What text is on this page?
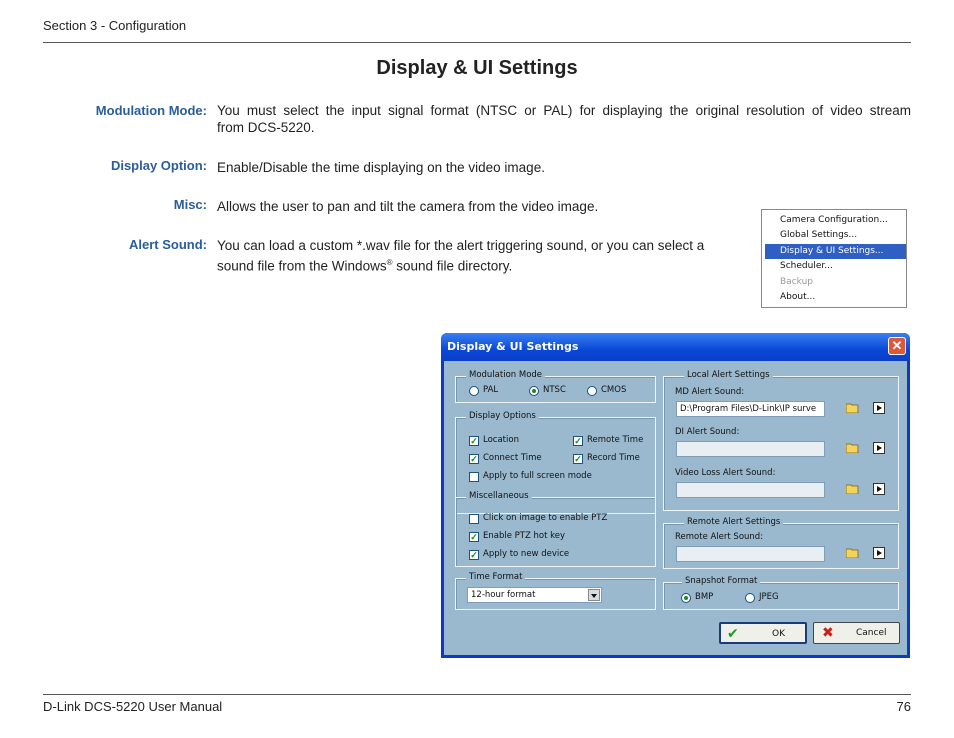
Section 3 - Configuration
Display & UI Settings
Modulation Mode: You must select the input signal format (NTSC or PAL) for displaying the original resolution of video stream
from DCS-5220.
Display Option: Enable/Disable the time displaying on the video image.
Misc: Allows the user to pan and tilt the camera from the video image.
Alert Sound: You can load a custom *.wav file for the alert triggering sound, or you can select a
sound file from the Windows® sound file directory.
Camera Configuration...
Global Settings...
Display & UI Settings...
Scheduler...
Backup
About...
Display & UI Settings	✕
Modulation Mode
PAL	NTSC	CMOS
Display Options
✓ Location	✓ Remote Time
✓ Connect Time	✓ Record Time
Apply to full screen mode
Miscellaneous
Click on image to enable PTZ
✓ Enable PTZ hot key
✓ Apply to new device
Time Format
12-hour format
Local Alert Settings
MD Alert Sound:
D:\Program Files\D-Link\IP surve
DI Alert Sound:
Video Loss Alert Sound:
Remote Alert Settings
Remote Alert Sound:
Snapshot Format
BMP	JPEG
✔	OK	✖ Cancel
D-Link DCS-5220 User Manual	76
